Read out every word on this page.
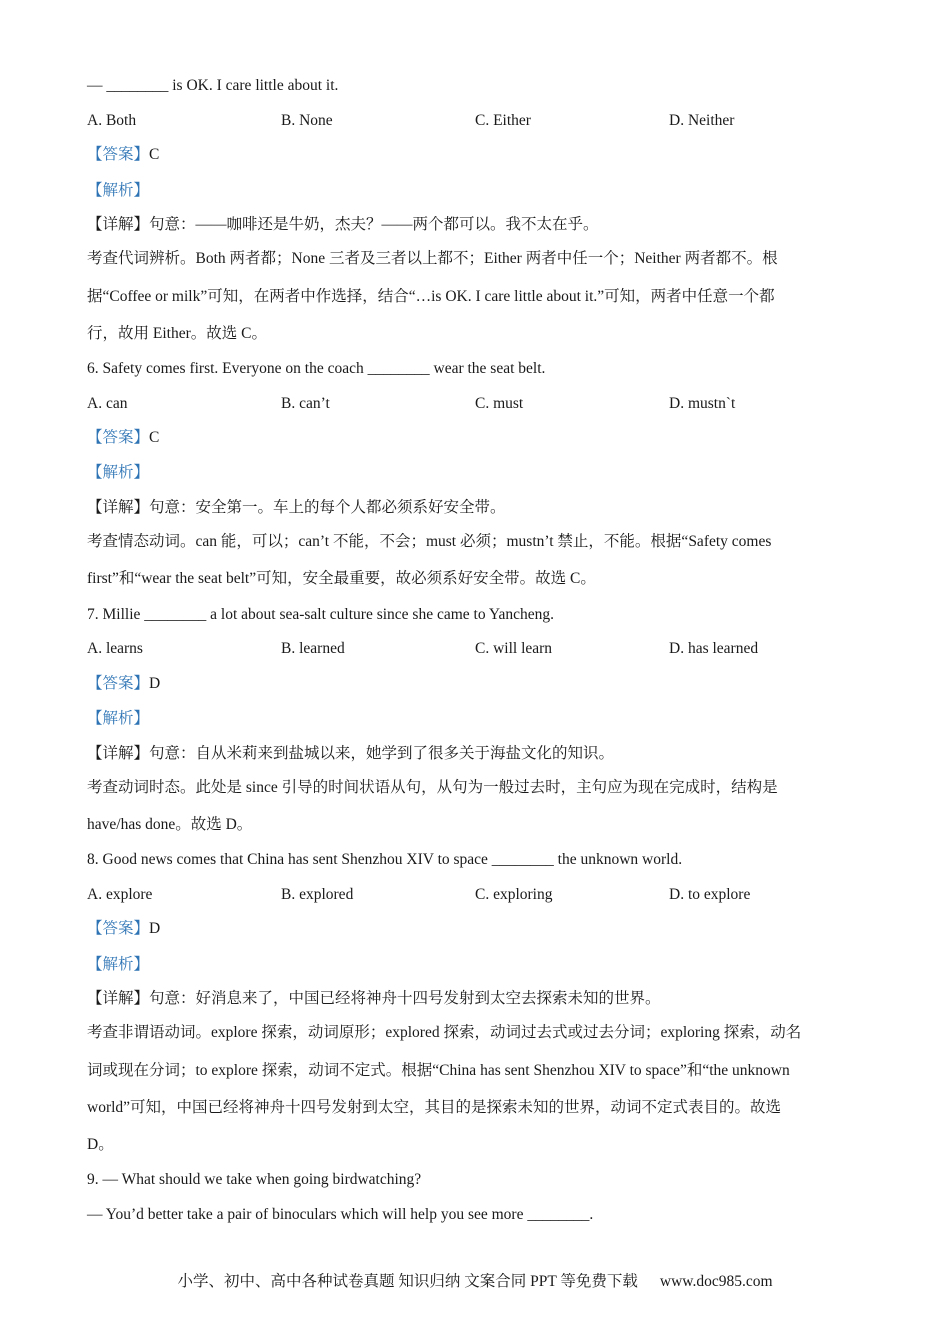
— ________ is OK. I care little about it.
A. Both	B. None	C. Either	D. Neither
【答案】C
【解析】
【详解】句意：——咖啡还是牛奶，杰夫？——两个都可以。我不太在乎。
考查代词辨析。Both 两者都；None 三者及三者以上都不；Either 两者中任一个；Neither 两者都不。根
据“Coffee or milk”可知，在两者中作选择，结合“…is OK. I care little about it.”可知，两者中任意一个都
行，故用 Either。故选 C。
6. Safety comes first. Everyone on the coach ________ wear the seat belt.
A. can	B. can’t	C. must	D. mustn`t
【答案】C
【解析】
【详解】句意：安全第一。车上的每个人都必须系好安全带。
考查情态动词。can 能，可以；can’t 不能，不会；must 必须；mustn’t 禁止，不能。根据“Safety comes
first”和“wear the seat belt”可知，安全最重要，故必须系好安全带。故选 C。
7. Millie ________ a lot about sea-salt culture since she came to Yancheng.
A. learns	B. learned	C. will learn	D. has learned
【答案】D
【解析】
【详解】句意：自从米莉来到盐城以来，她学到了很多关于海盐文化的知识。
考查动词时态。此处是 since 引导的时间状语从句，从句为一般过去时，主句应为现在完成时，结构是
have/has done。故选 D。
8. Good news comes that China has sent Shenzhou XIV to space ________ the unknown world.
A. explore	B. explored	C. exploring	D. to explore
【答案】D
【解析】
【详解】句意：好消息来了，中国已经将神舟十四号发射到太空去探索未知的世界。
考查非谓语动词。explore 探索，动词原形；explored 探索，动词过去式或过去分词；exploring 探索，动名
词或现在分词；to explore 探索，动词不定式。根据“China has sent Shenzhou XIV to space”和“the unknown
world”可知，中国已经将神舟十四号发射到太空，其目的是探索未知的世界，动词不定式表目的。故选
D。
9. — What should we take when going birdwatching?
— You’d better take a pair of binoculars which will help you see more ________.
小学、初中、高中各种试卷真题 知识归纳 文案合同 PPT 等免费下载 www.doc985.com
